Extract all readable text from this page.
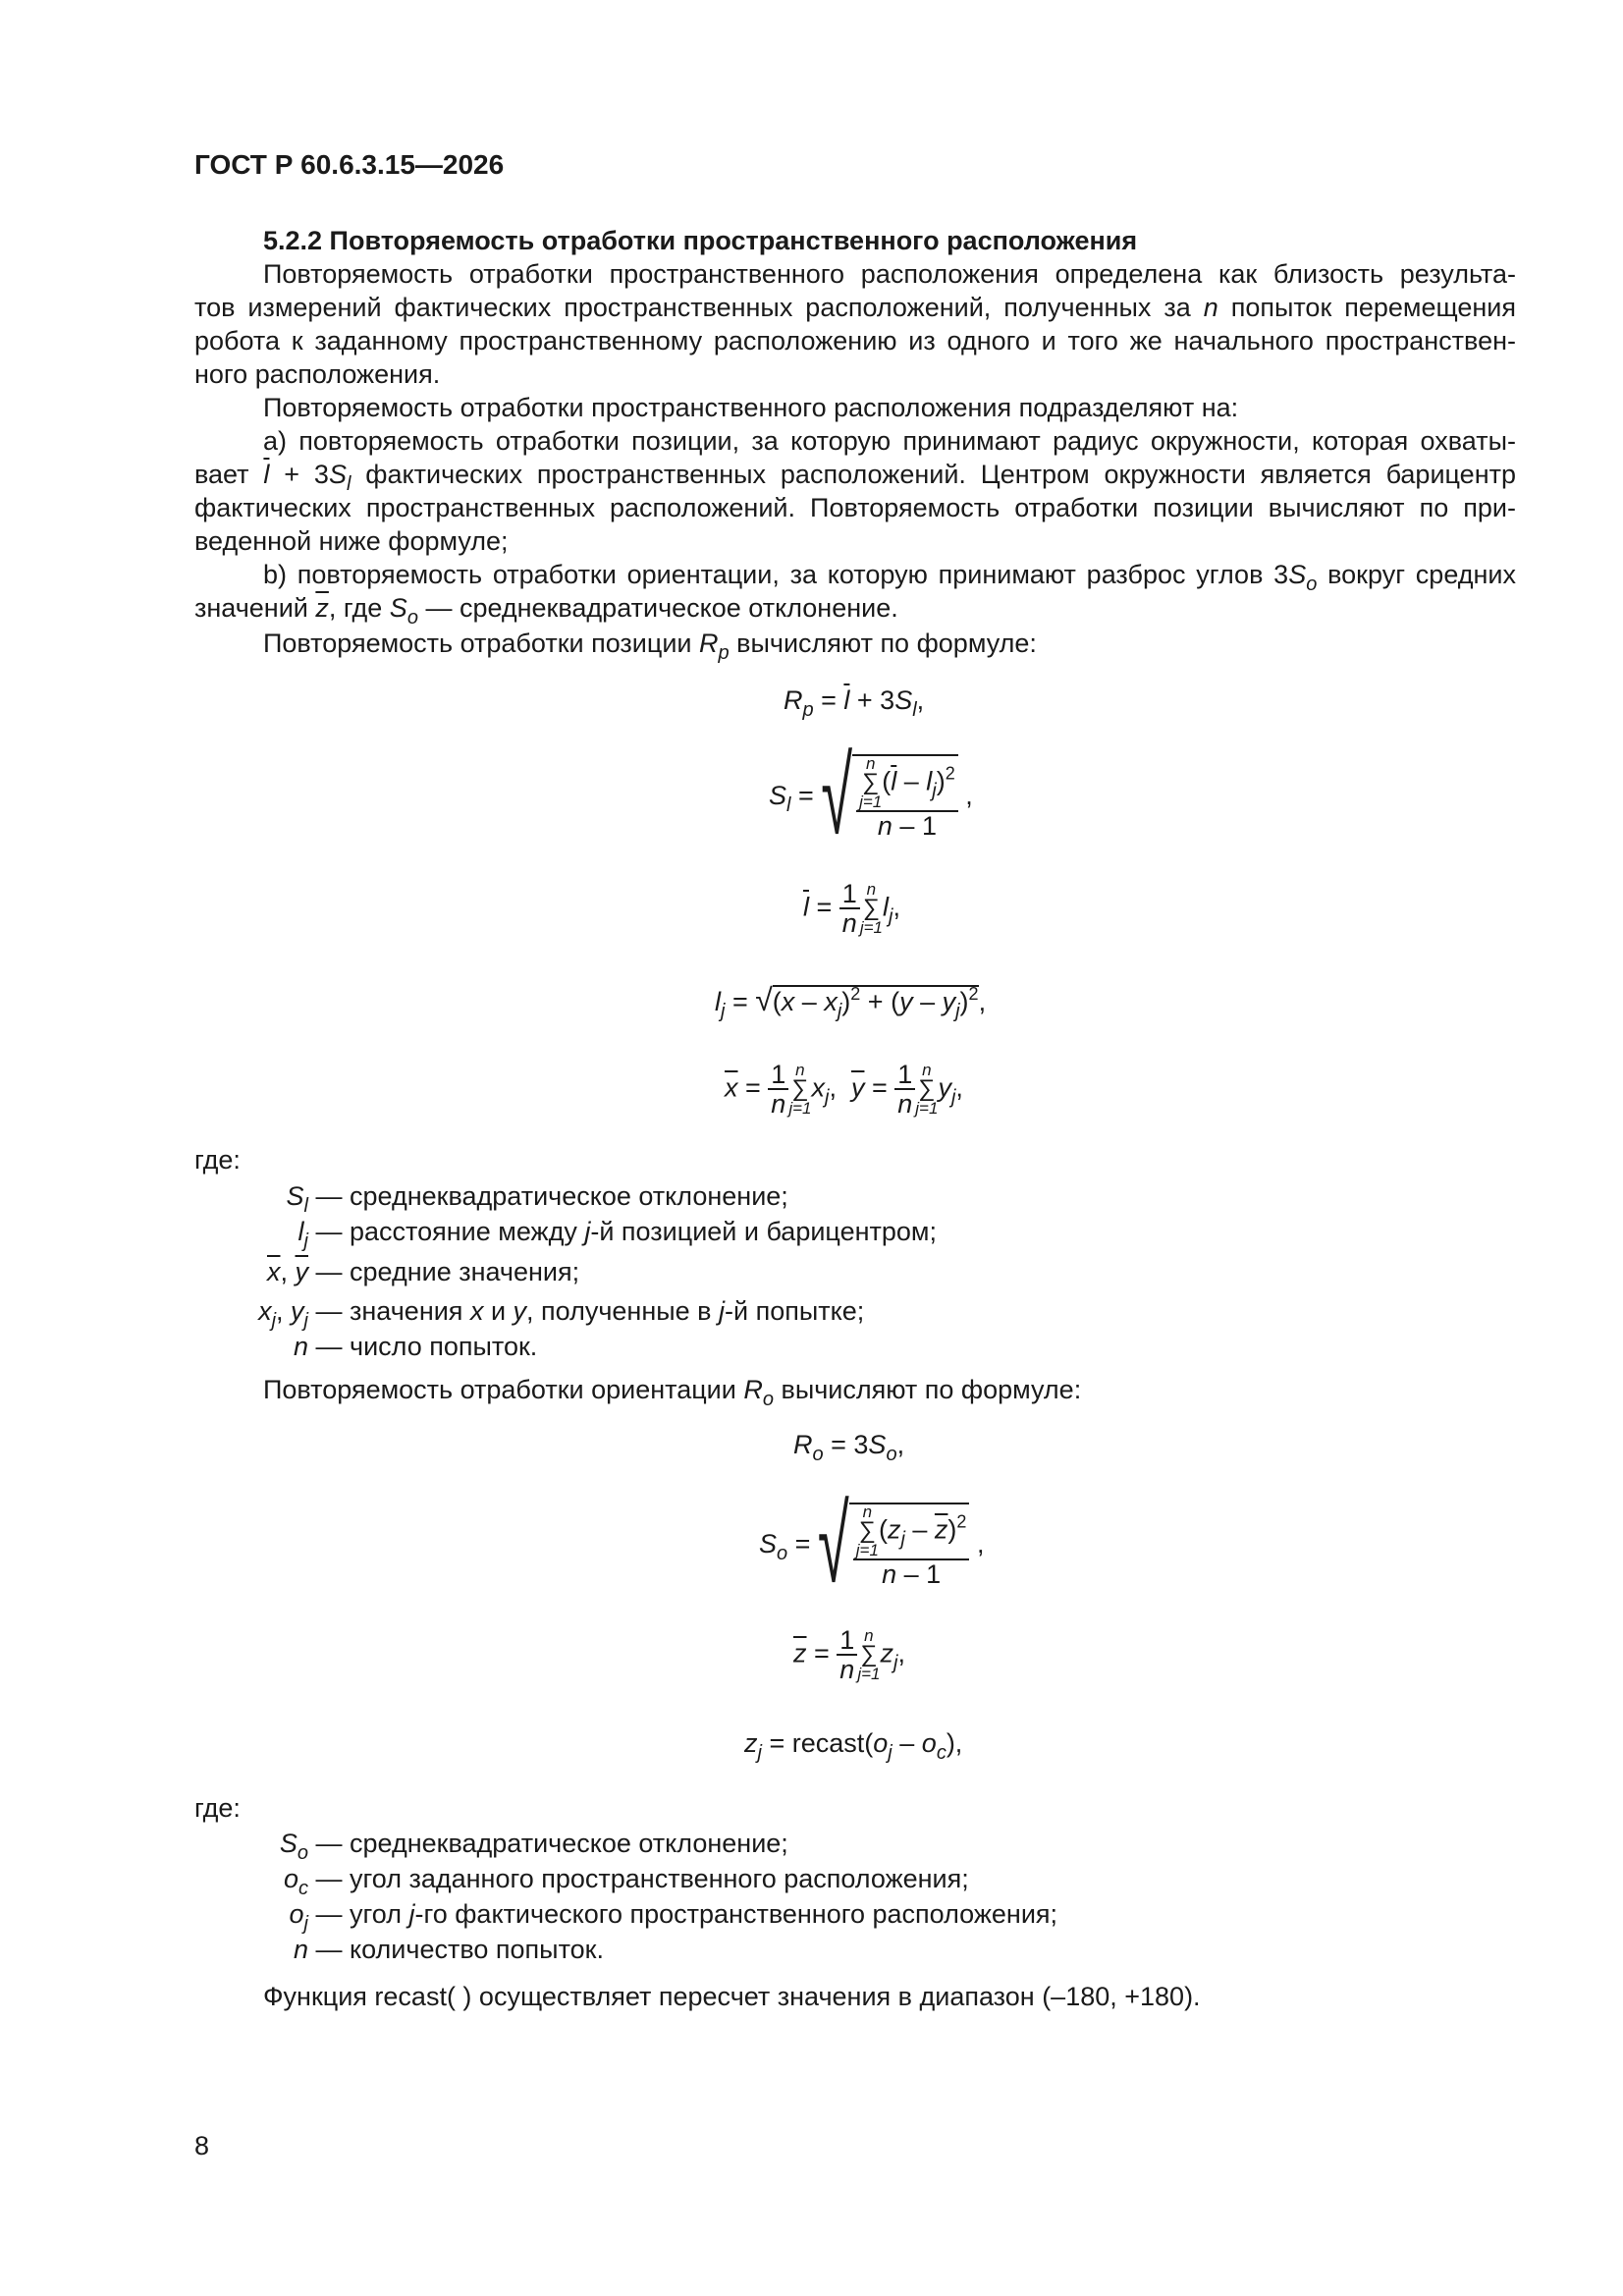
ГОСТ Р 60.6.3.15—2026
5.2.2 Повторяемость отработки пространственного расположения
Повторяемость отработки пространственного расположения определена как близость результа-
тов измерений фактических пространственных расположений, полученных за n попыток перемещения
робота к заданному пространственному расположению из одного и того же начального пространствен-
ного расположения.
Повторяемость отработки пространственного расположения подразделяют на:
а) повторяемость отработки позиции, за которую принимают радиус окружности, которая охваты-
вает $\overline{l} + 3S_l$ фактических пространственных расположений. Центром окружности является барицентр
фактических пространственных расположений. Повторяемость отработки позиции вычисляют по при-
веденной ниже формуле;
b) повторяемость отработки ориентации, за которую принимают разброс углов $3S_o$ вокруг средних
значений $\overline{z}$, где $S_o$ — среднеквадратическое отклонение.
Повторяемость отработки позиции $R_p$ вычисляют по формуле:
$R_p = \overline{l} + 3S_l$,
$S_l$ = √ n
∑
j=1
$(\overline{l} - l_j)^2$
n – 1 ,
$\overline{l} = \frac{1}{n}$ n
∑
j=1
$l_j$,
$l_j = √(\overline{x} - x_j)^2 + (\overline{y} - y_j)^2$,
$\overline{x} = \frac{1}{n}$ n
∑
j=1
$x_j$,  $\overline{y} = \frac{1}{n}$ n
∑
j=1
$y_j$,
где:
$S_l$ — среднеквадратическое отклонение;
$l_j$ — расстояние между j-й позицией и барицентром;
$\overline{x}$, $\overline{y}$ — средние значения;
$x_j$, $y_j$ — значения x и y, полученные в j-й попытке;
n — число попыток.
Повторяемость отработки ориентации $R_o$ вычисляют по формуле:
$R_o = 3S_o$,
$S_o$ = √ n
∑
j=1
$(z_j - \overline{z})^2$
n – 1 ,
$\overline{z} = \frac{1}{n}$ n
∑
j=1
$z_j$,
$z_j$ = $recast(o_j - o_c)$,
где:
$S_o$ — среднеквадратическое отклонение;
$o_c$ — угол заданного пространственного расположения;
$o_j$ — угол j-го фактического пространственного расположения;
n — количество попыток.
Функция recast( ) осуществляет пересчет значения в диапазон (–180, +180).
8
